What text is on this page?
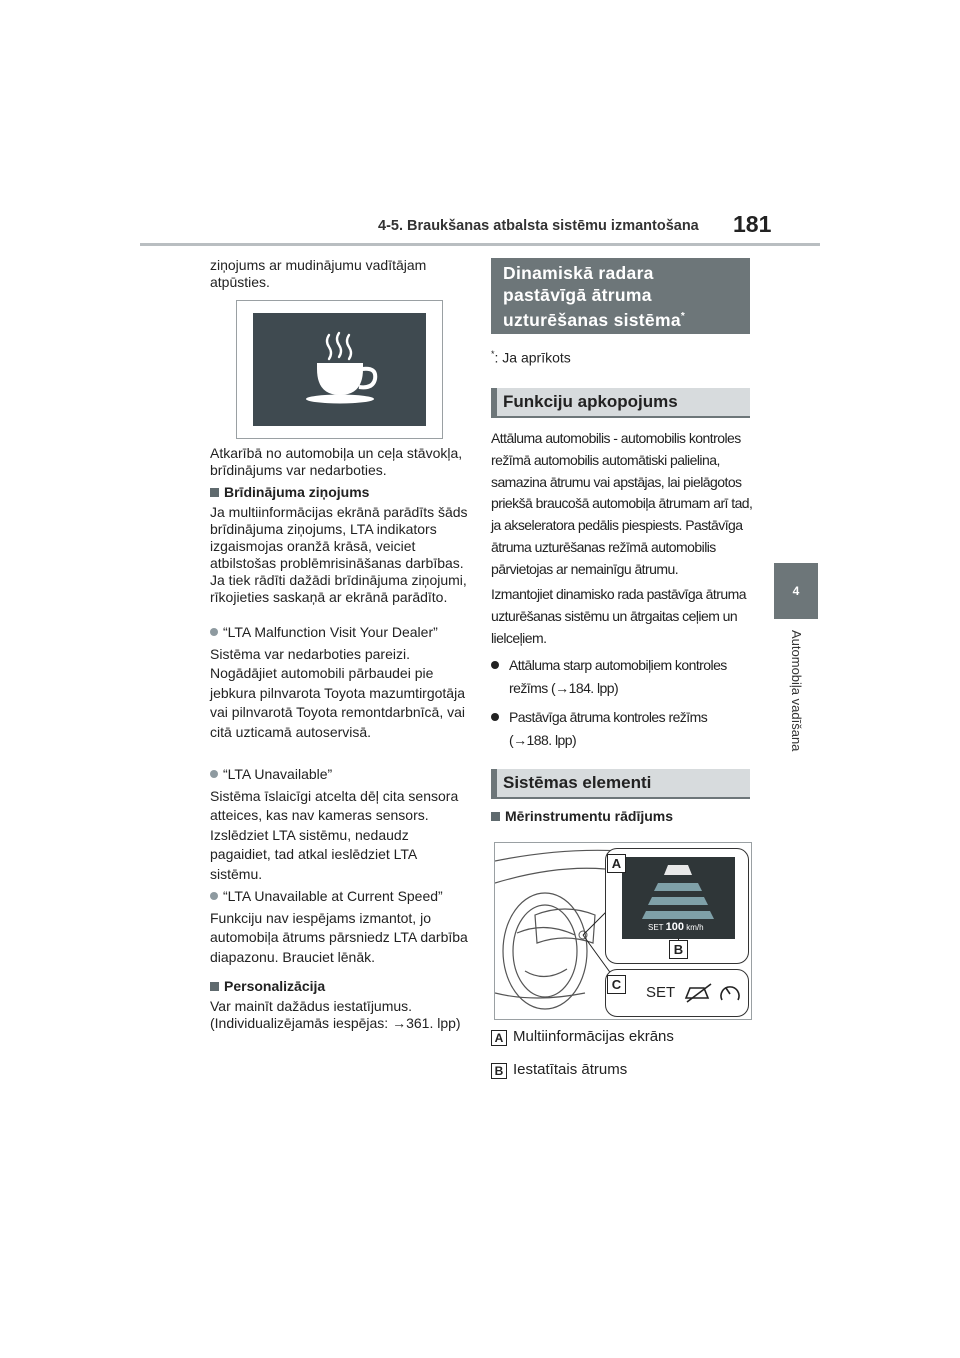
4-5. Braukšanas atbalsta sistēmu izmantošana 181
4
Automobiļa vadīšana

ziņojums ar mudinājumu vadītājam atpūsties.

Atkarībā no automobiļa un ceļa stāvokļa, brīdinājums var nedarboties.

Brīdinājuma ziņojums

Ja multiinformācijas ekrānā parādīts šāds brīdinājuma ziņojums, LTA indikators izgaismojas oranžā krāsā, veiciet atbilstošas problēmrisināšanas darbības. Ja tiek rādīti dažādi brīdinājuma ziņojumi, rīkojieties saskaņā ar ekrānā parādīto.

“LTA Malfunction Visit Your Dealer”

Sistēma var nedarboties pareizi. Nogādājiet automobili pārbaudei pie jebkura pilnvarota Toyota mazumtirgotāja vai pilnvarotā Toyota remontdarbnīcā, vai citā uzticamā autoservisā.

“LTA Unavailable”

Sistēma īslaicīgi atcelta dēļ cita sensora atteices, kas nav kameras sensors. Izslēdziet LTA sistēmu, nedaudz pagaidiet, tad atkal ieslēdziet LTA sistēmu.

“LTA Unavailable at Current Speed”

Funkciju nav iespējams izmantot, jo automobiļa ātrums pārsniedz LTA darbība diapazonu. Brauciet lēnāk.

Personalizācija

Var mainīt dažādus iestatījumus. (Individualizējamās iespējas: →361. lpp)

Dinamiskā radara pastāvīgā ātruma uzturēšanas sistēma*
*: Ja aprīkots
Funkciju apkopojums

Attāluma automobilis - automobilis kontroles režīmā automobilis automātiski palielina, samazina ātrumu vai apstājas, lai pielāgotos priekšā braucošā automobiļa ātrumam arī tad, ja akseleratora pedālis piespiests. Pastāvīga ātruma uzturēšanas režīmā automobilis pārvietojas ar nemainīgu ātrumu.

Izmantojiet dinamisko rada pastāvīga ātruma uzturēšanas sistēmu un ātrgaitas ceļiem un lielceļiem.

Attāluma starp automobiļiem kontroles režīms (→184. lpp)

Pastāvīga ātruma kontroles režīms (→188. lpp)

Sistēmas elementi

Mērinstrumentu rādījums

SET 100 km/h
A
B
SET
C
A Multiinformācijas ekrāns
B Iestatītais ātrums
